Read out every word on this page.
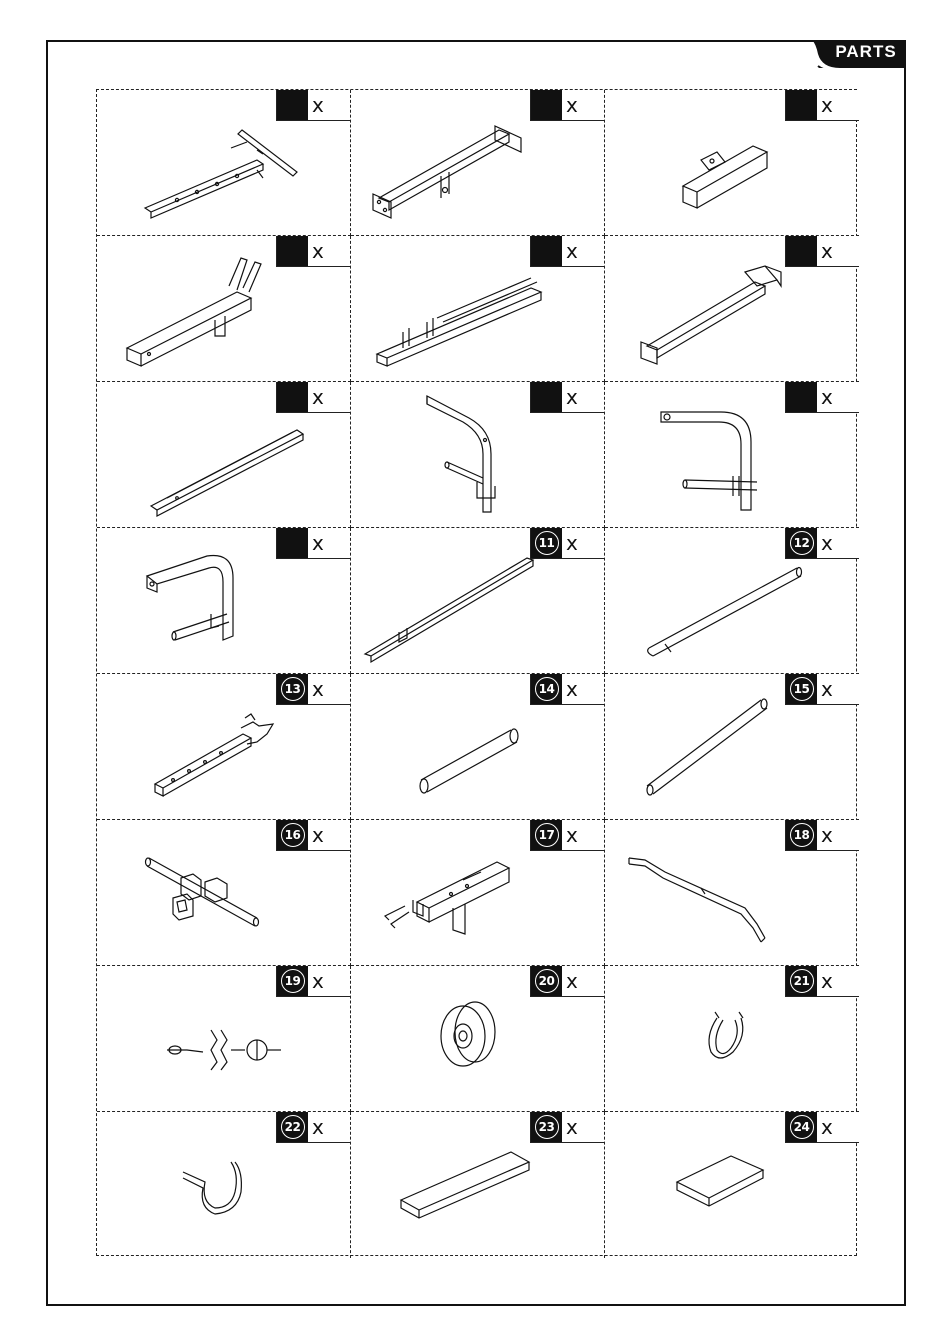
PARTS
x	x	x
x	x	x
x	x	x
x	11 x	12 x
13 x	14 x	15 x
16 x	17 x	18 x
19 x	20 x	21 x
22 x	23 x	24 x
